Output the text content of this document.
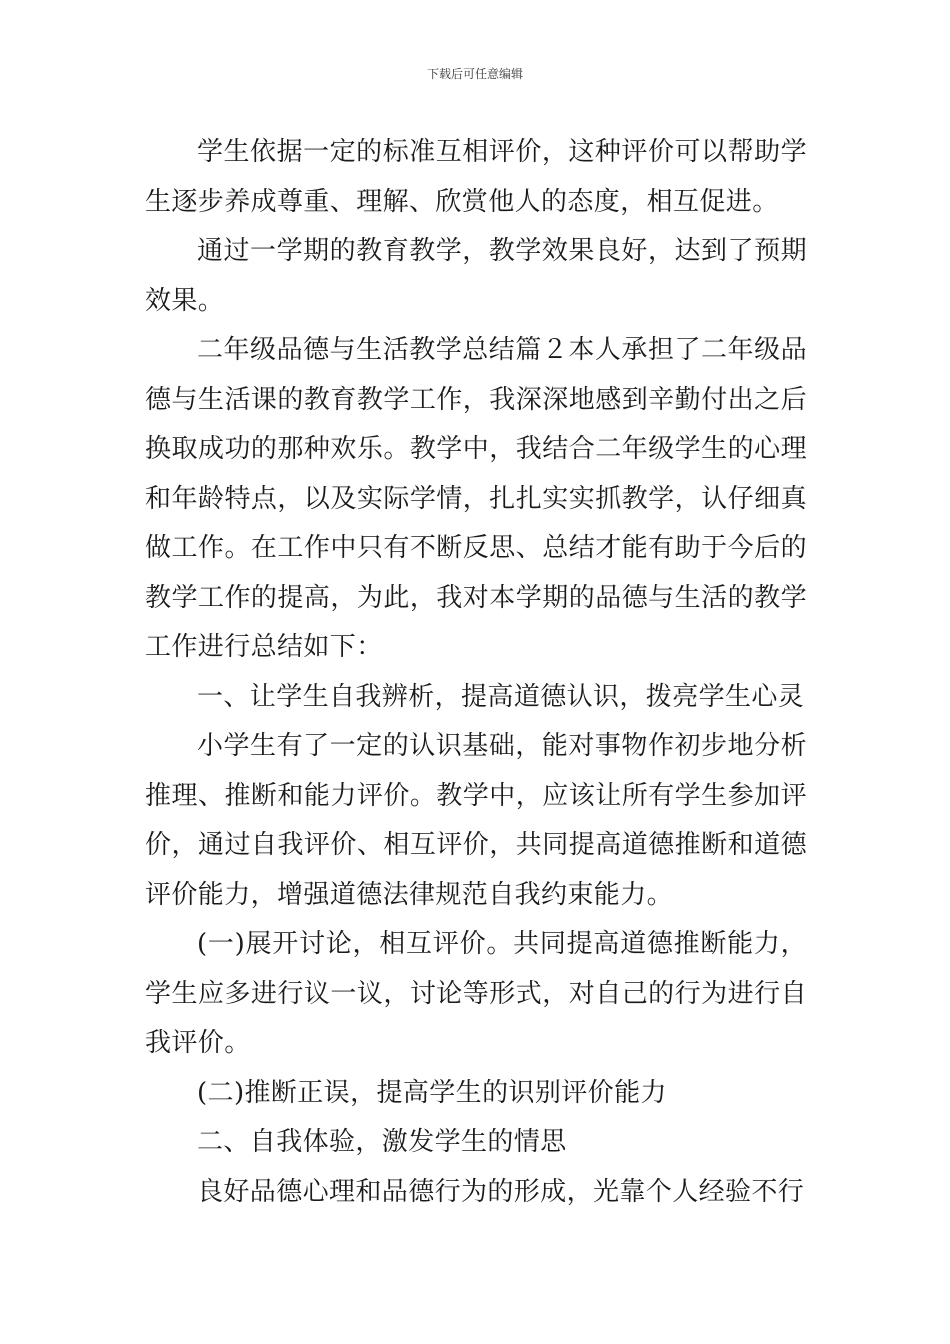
下载后可任意编辑

学生依据一定的标准互相评价，这种评价可以帮助学生逐步养成尊重、理解、欣赏他人的态度，相互促进。

通过一学期的教育教学，教学效果良好，达到了预期效果。

二年级品德与生活教学总结篇２本人承担了二年级品德与生活课的教育教学工作，我深深地感到辛勤付出之后换取成功的那种欢乐。教学中，我结合二年级学生的心理和年龄特点，以及实际学情，扎扎实实抓教学，认仔细真做工作。在工作中只有不断反思、总结才能有助于今后的教学工作的提高，为此，我对本学期的品德与生活的教学工作进行总结如下：

一、让学生自我辨析，提高道德认识，拨亮学生心灵

小学生有了一定的认识基础，能对事物作初步地分析推理、推断和能力评价。教学中，应该让所有学生参加评价，通过自我评价、相互评价，共同提高道德推断和道德评价能力，增强道德法律规范自我约束能力。

(一)展开讨论，相互评价。共同提高道德推断能力，学生应多进行议一议，讨论等形式，对自己的行为进行自我评价。

(二)推断正误，提高学生的识别评价能力

二、自我体验，激发学生的情思

良好品德心理和品德行为的形成，光靠个人经验不行
